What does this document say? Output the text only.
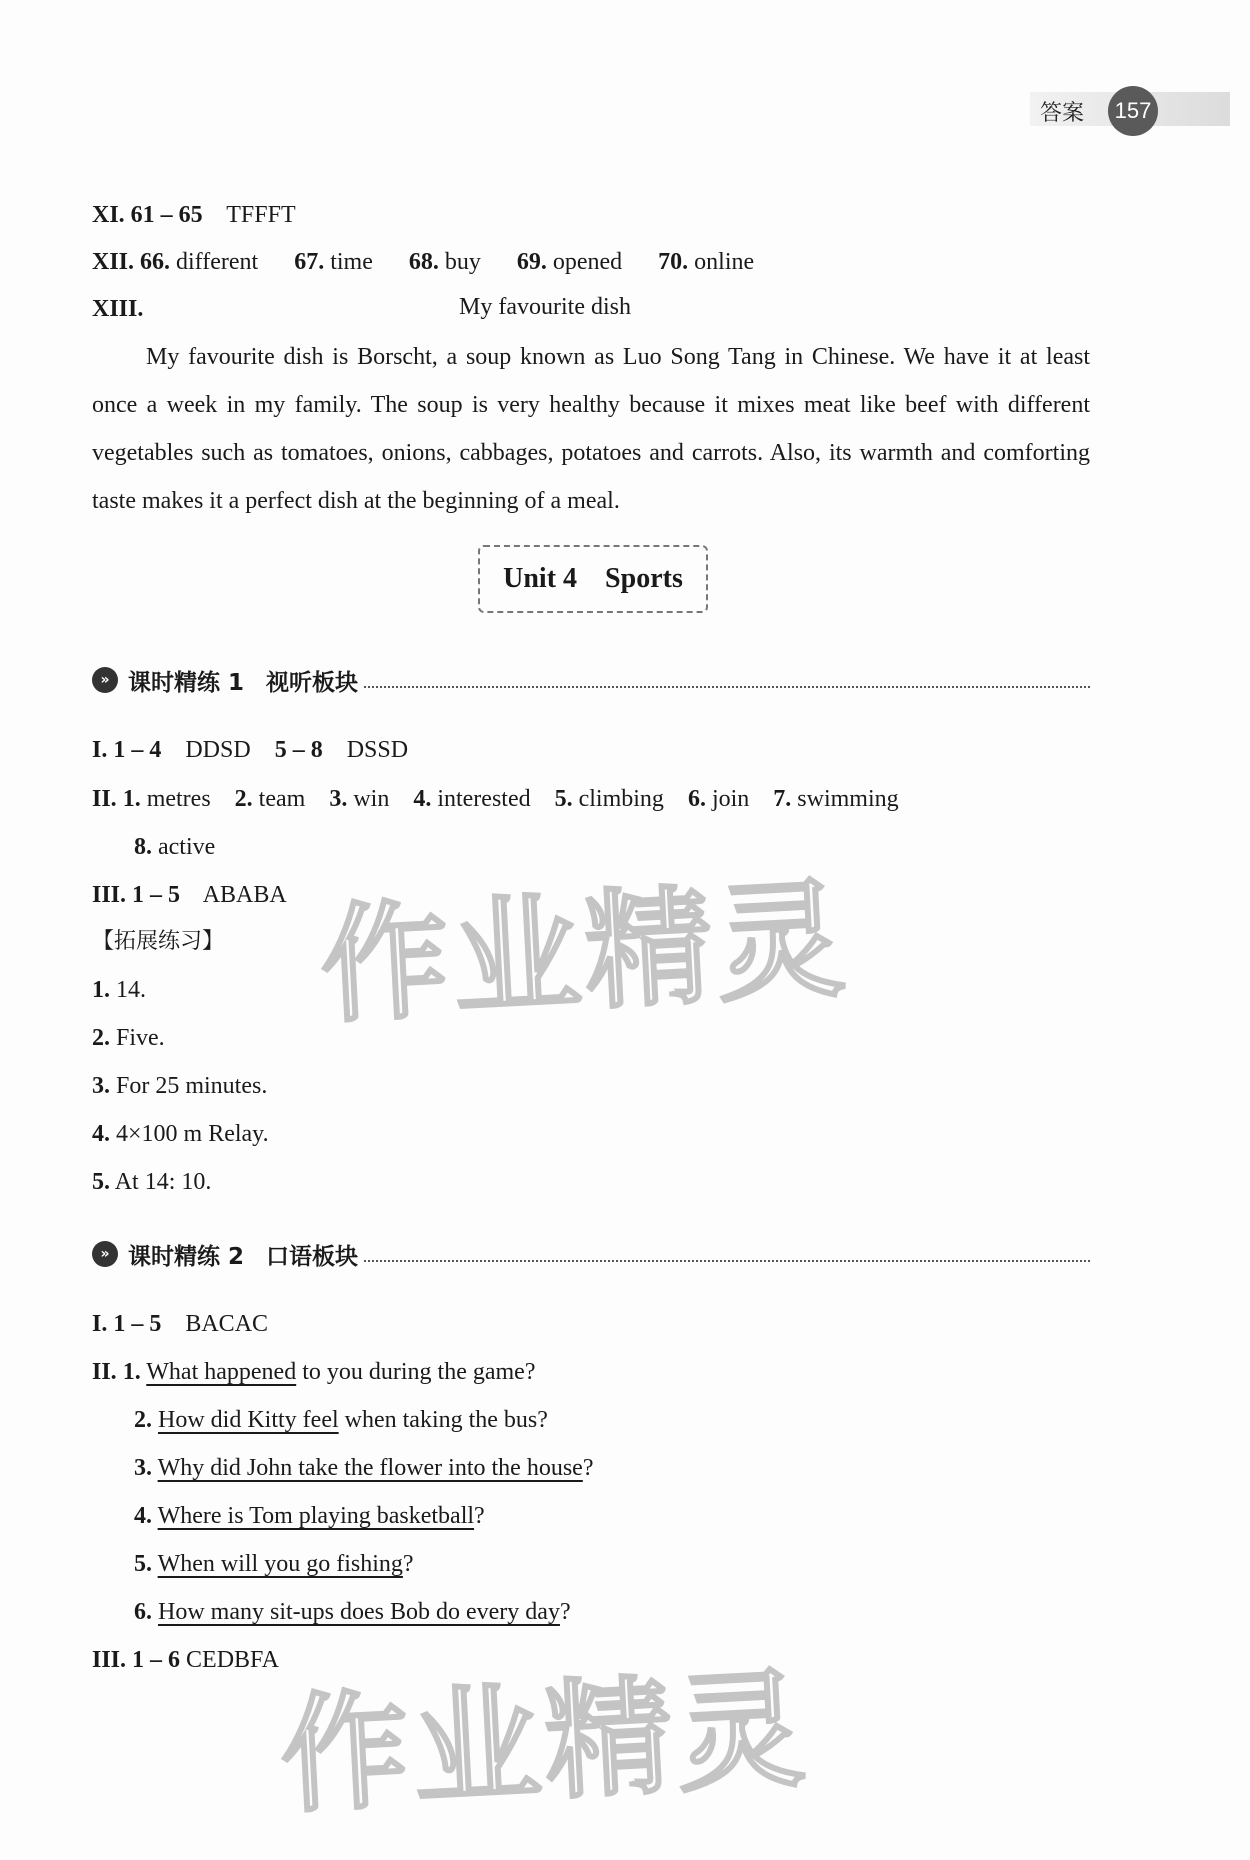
答案	157
XI. 61 – 65 TFFFT
XII. 66. different 67. time 68. buy 69. opened 70. online
XIII.	My favourite dish
My favourite dish is Borscht, a soup known as Luo Song Tang in Chinese. We have it at least once a week in my family. The soup is very healthy because it mixes meat like beef with different vegetables such as tomatoes, onions, cabbages, potatoes and carrots. Also, its warmth and comforting taste makes it a perfect dish at the beginning of a meal.
Unit 4 Sports
» 课时精练 1 视听板块
I. 1 – 4 DDSD 5 – 8 DSSD
II. 1. metres 2. team 3. win 4. interested 5. climbing 6. join 7. swimming
8. active
III. 1 – 5 ABABA
【拓展练习】
1. 14.
2. Five.
3. For 25 minutes.
4. 4×100 m Relay.
5. At 14: 10.
» 课时精练 2 口语板块
I. 1 – 5 BACAC
II. 1. What happened to you during the game?
2. How did Kitty feel when taking the bus?
3. Why did John take the flower into the house?
4. Where is Tom playing basketball?
5. When will you go fishing?
6. How many sit-ups does Bob do every day?
III. 1 – 6 CEDBFA
作业精灵
作业精灵
